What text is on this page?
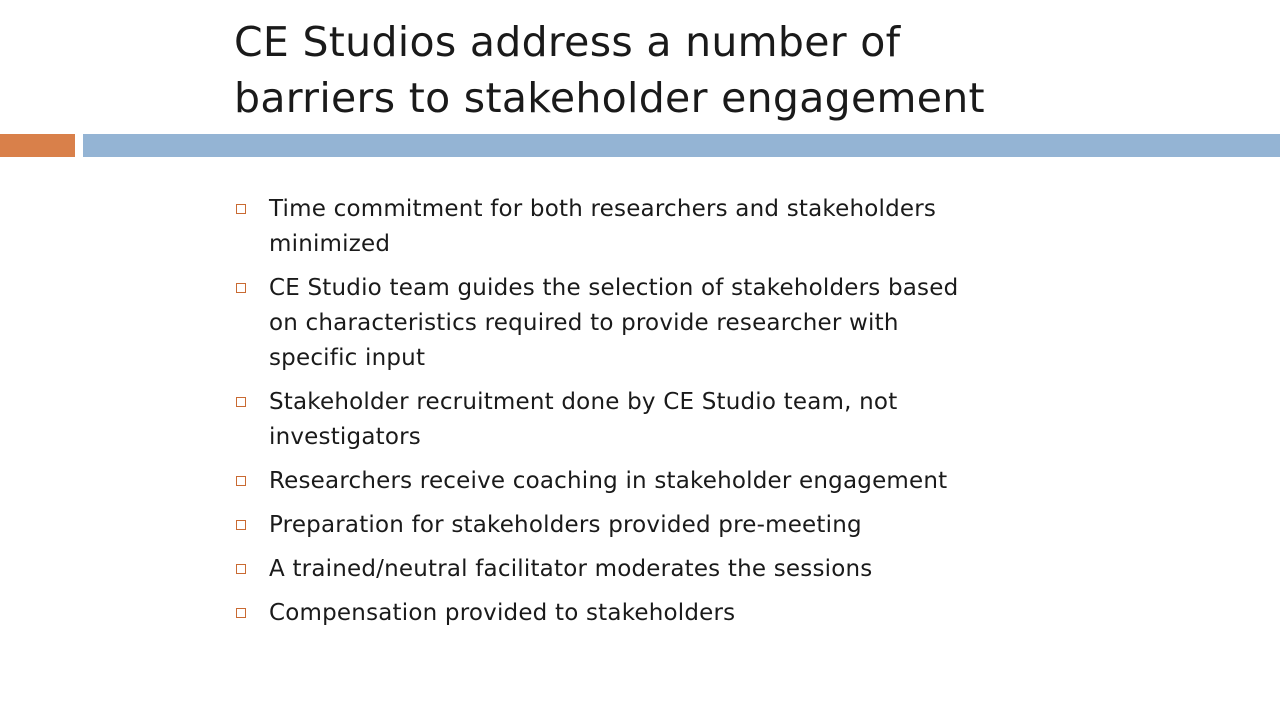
CE Studios address a number of
barriers to stakeholder engagement
Time commitment for both researchers and stakeholders
minimized
CE Studio team guides the selection of stakeholders based
on characteristics required to provide researcher with
specific input
Stakeholder recruitment done by CE Studio team, not
investigators
Researchers receive coaching in stakeholder engagement
Preparation for stakeholders provided pre-meeting
A trained/neutral facilitator moderates the sessions
Compensation provided to stakeholders
